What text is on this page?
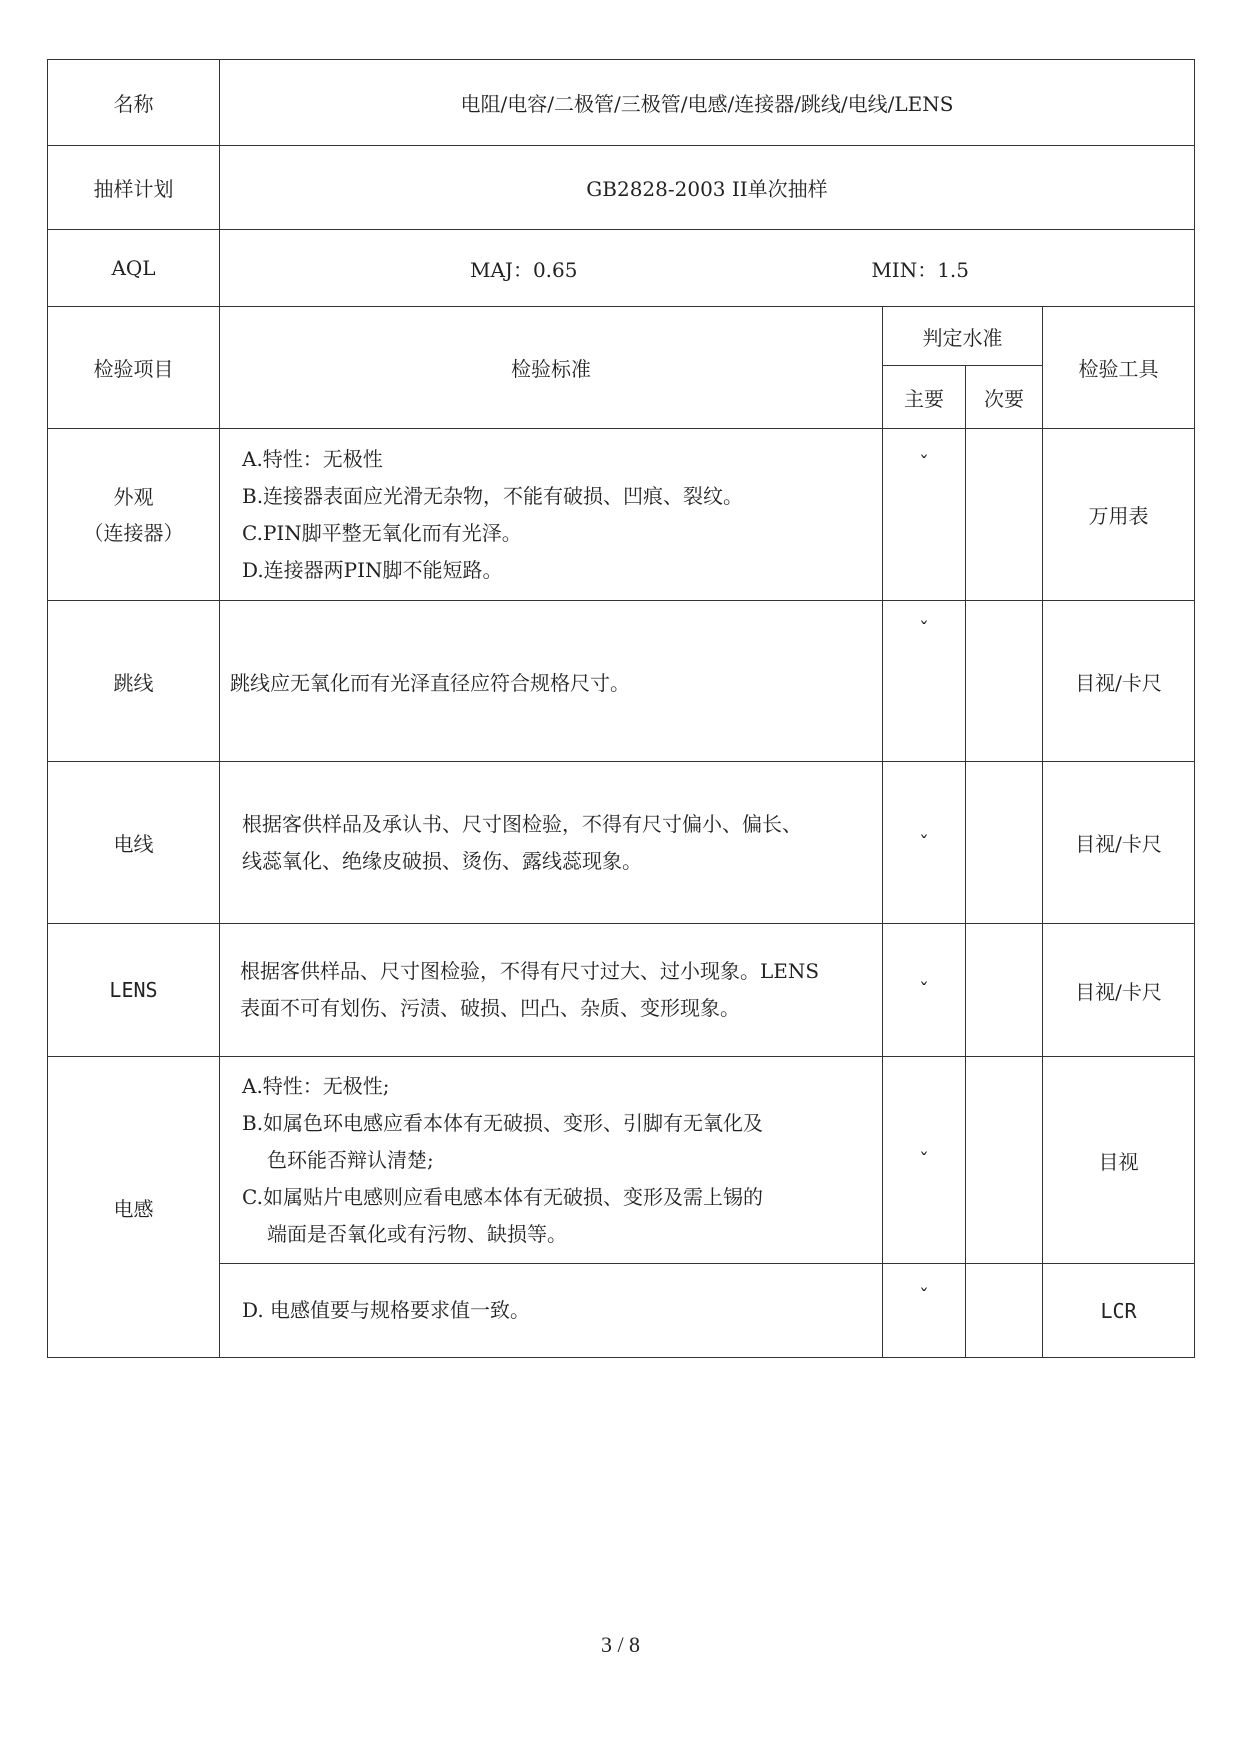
名称	电阻/电容/二极管/三极管/电感/连接器/跳线/电线/LENS			
抽样计划	GB2828-2003 II单次抽样			
AQL	MAJ：0.65 MIN：1.5			

检验项目	检验标准	判定水准		检验工具
		主要	次要	

外观
（连接器）	A.特性：无极性
B.连接器表面应光滑无杂物，不能有破损、凹痕、裂纹。
C.PIN脚平整无氧化而有光泽。
D.连接器两PIN脚不能短路。	ˇ		万用表
跳线	跳线应无氧化而有光泽直径应符合规格尺寸。	ˇ		目视/卡尺
电线	根据客供样品及承认书、尺寸图检验，不得有尺寸偏小、偏长、
线蕊氧化、绝缘皮破损、烫伤、露线蕊现象。	ˇ		目视/卡尺
LENS	根据客供样品、尺寸图检验，不得有尺寸过大、过小现象。LENS
表面不可有划伤、污渍、破损、凹凸、杂质、变形现象。	ˇ		目视/卡尺
电感	A.特性：无极性;
B.如属色环电感应看本体有无破损、变形、引脚有无氧化及
色环能否辩认清楚;
C.如属贴片电感则应看电感本体有无破损、变形及需上锡的
端面是否氧化或有污物、缺损等。	ˇ		目视

	D. 电感值要与规格要求值一致。	ˇ		LCR
3 / 8
